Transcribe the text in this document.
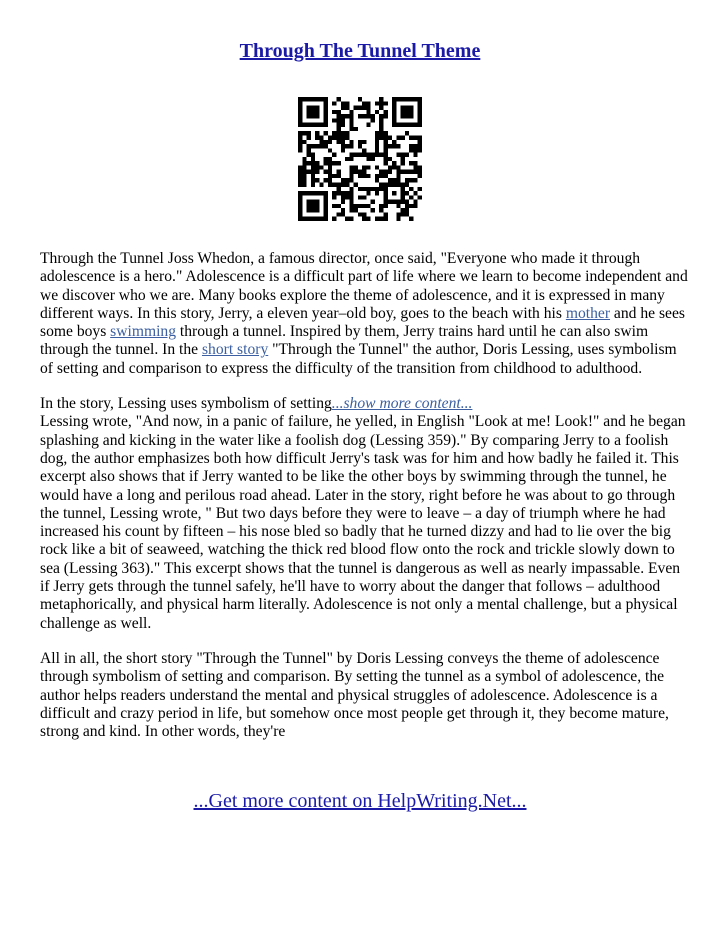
Through The Tunnel Theme

Through the Tunnel Joss Whedon, a famous director, once said, "Everyone who made it through adolescence is a hero." Adolescence is a difficult part of life where we learn to become independent and we discover who we are. Many books explore the theme of adolescence, and it is expressed in many different ways. In this story, Jerry, a eleven year–old boy, goes to the beach with his mother and he sees some boys swimming through a tunnel. Inspired by them, Jerry trains hard until he can also swim through the tunnel. In the short story "Through the Tunnel" the author, Doris Lessing, uses symbolism of setting and comparison to express the difficulty of the transition from childhood to adulthood.

In the story, Lessing uses symbolism of setting...show more content...
Lessing wrote, "And now, in a panic of failure, he yelled, in English "Look at me! Look!" and he began splashing and kicking in the water like a foolish dog (Lessing 359)." By comparing Jerry to a foolish dog, the author emphasizes both how difficult Jerry's task was for him and how badly he failed it. This excerpt also shows that if Jerry wanted to be like the other boys by swimming through the tunnel, he would have a long and perilous road ahead. Later in the story, right before he was about to go through the tunnel, Lessing wrote, " But two days before they were to leave – a day of triumph where he had increased his count by fifteen – his nose bled so badly that he turned dizzy and had to lie over the big rock like a bit of seaweed, watching the thick red blood flow onto the rock and trickle slowly down to sea (Lessing 363)." This excerpt shows that the tunnel is dangerous as well as nearly impassable. Even if Jerry gets through the tunnel safely, he'll have to worry about the danger that follows – adulthood metaphorically, and physical harm literally. Adolescence is not only a mental challenge, but a physical challenge as well.

All in all, the short story "Through the Tunnel" by Doris Lessing conveys the theme of adolescence through symbolism of setting and comparison. By setting the tunnel as a symbol of adolescence, the author helps readers understand the mental and physical struggles of adolescence. Adolescence is a difficult and crazy period in life, but somehow once most people get through it, they become mature, strong and kind. In other words, they're

...Get more content on HelpWriting.Net...
